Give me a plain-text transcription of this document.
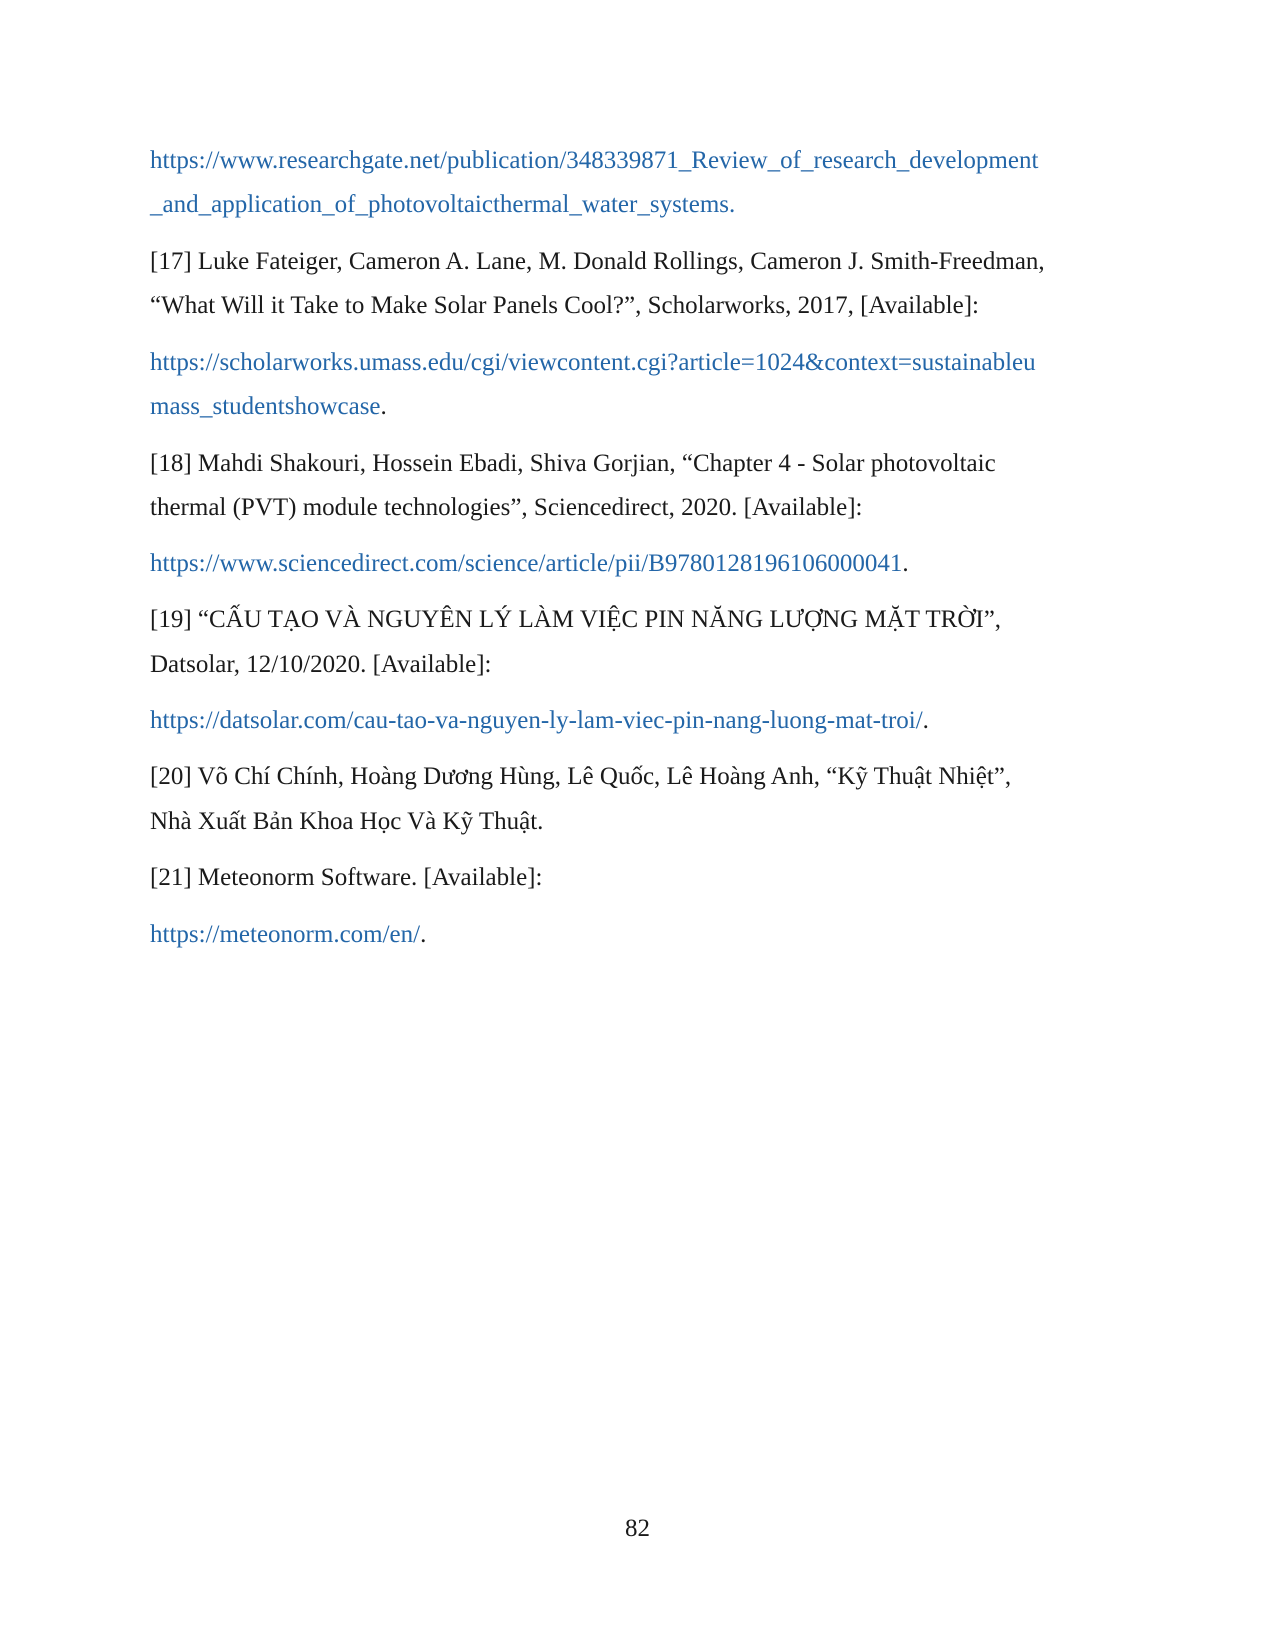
https://www.researchgate.net/publication/348339871_Review_of_research_development
_and_application_of_photovoltaicthermal_water_systems.
[17] Luke Fateiger, Cameron A. Lane, M. Donald Rollings, Cameron J. Smith-Freedman,
“What Will it Take to Make Solar Panels Cool?”, Scholarworks, 2017, [Available]:
https://scholarworks.umass.edu/cgi/viewcontent.cgi?article=1024&context=sustainableu
mass_studentshowcase.
[18] Mahdi Shakouri, Hossein Ebadi, Shiva Gorjian, “Chapter 4 - Solar photovoltaic
thermal (PVT) module technologies”, Sciencedirect, 2020. [Available]:
https://www.sciencedirect.com/science/article/pii/B9780128196106000041.
[19] “CẤU TẠO VÀ NGUYÊN LÝ LÀM VIỆC PIN NĂNG LƯỢNG MẶT TRỜI”,
Datsolar, 12/10/2020. [Available]:
https://datsolar.com/cau-tao-va-nguyen-ly-lam-viec-pin-nang-luong-mat-troi/.
[20] Võ Chí Chính, Hoàng Dương Hùng, Lê Quốc, Lê Hoàng Anh, “Kỹ Thuật Nhiệt”,
Nhà Xuất Bản Khoa Học Và Kỹ Thuật.
[21] Meteonorm Software. [Available]:
https://meteonorm.com/en/.
82
